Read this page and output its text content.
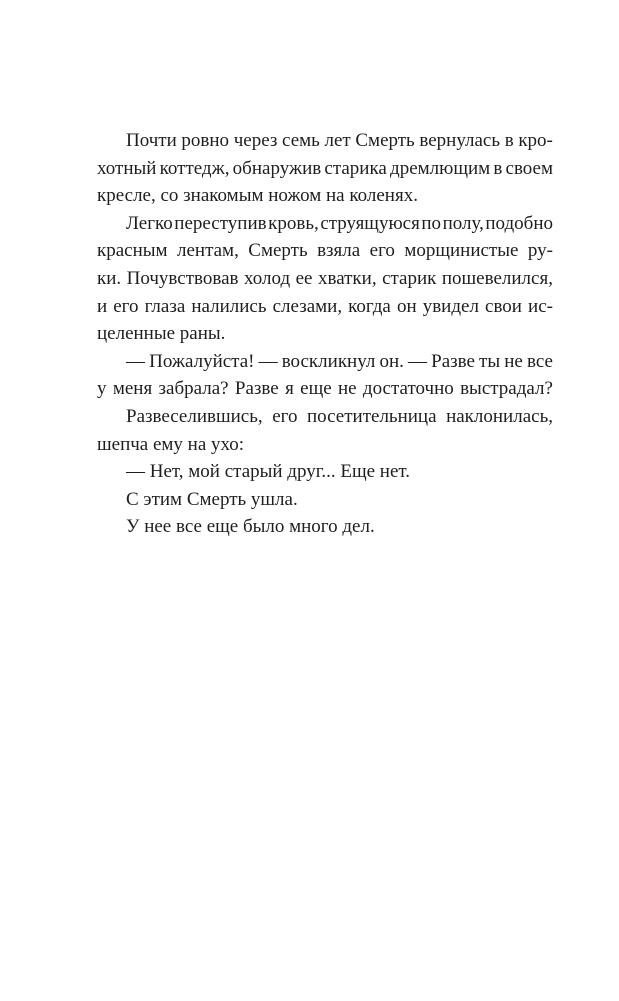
Почти ровно через семь лет Смерть вернулась в кро-
хотный коттедж, обнаружив старика дремлющим в своем
кресле, со знакомым ножом на коленях.
Легко переступив кровь, струящуюся по полу, подобно
красным лентам, Смерть взяла его морщинистые ру-
ки. Почувствовав холод ее хватки, старик пошевелился,
и его глаза налились слезами, когда он увидел свои ис-
целенные раны.
— Пожалуйста! — воскликнул он. — Разве ты не все
у меня забрала? Разве я еще не достаточно выстрадал?
Развеселившись, его посетительница наклонилась,
шепча ему на ухо:
— Нет, мой старый друг... Еще нет.
С этим Смерть ушла.
У нее все еще было много дел.
